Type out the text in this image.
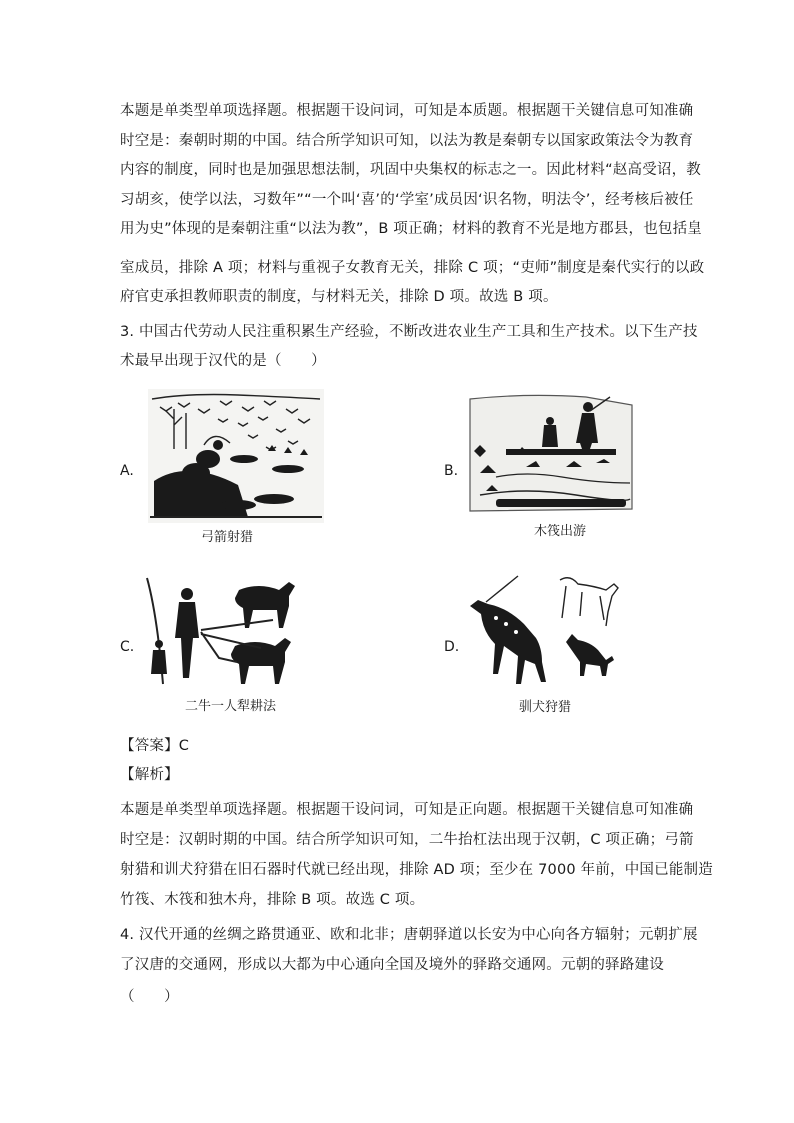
本题是单类型单项选择题。根据题干设问词，可知是本质题。根据题干关键信息可知准确
时空是：秦朝时期的中国。结合所学知识可知，以法为教是秦朝专以国家政策法令为教育
内容的制度，同时也是加强思想法制，巩固中央集权的标志之一。因此材料“赵高受诏，教
习胡亥，使学以法，习数年”“一个叫‘喜’的‘学室’成员因‘识名物，明法令’，经考核后被任
用为史”体现的是秦朝注重“以法为教”，B 项正确；材料的教育不光是地方郡县，也包括皇
室成员，排除 A 项；材料与重视子女教育无关，排除 C 项；“吏师”制度是秦代实行的以政
府官吏承担教师职责的制度，与材料无关，排除 D 项。故选 B 项。
3. 中国古代劳动人民注重积累生产经验，不断改进农业生产工具和生产技术。以下生产技
术最早出现于汉代的是（　　）
A.
弓箭射猎
B.
木筏出游
C.
二牛一人犁耕法
D.
驯犬狩猎
【答案】C
【解析】
本题是单类型单项选择题。根据题干设问词，可知是正向题。根据题干关键信息可知准确
时空是：汉朝时期的中国。结合所学知识可知，二牛抬杠法出现于汉朝，C 项正确；弓箭
射猎和训犬狩猎在旧石器时代就已经出现，排除 AD 项；至少在 7000 年前，中国已能制造
竹筏、木筏和独木舟，排除 B 项。故选 C 项。
4. 汉代开通的丝绸之路贯通亚、欧和北非；唐朝驿道以长安为中心向各方辐射；元朝扩展
了汉唐的交通网，形成以大都为中心通向全国及境外的驿路交通网。元朝的驿路建设
（　　）
